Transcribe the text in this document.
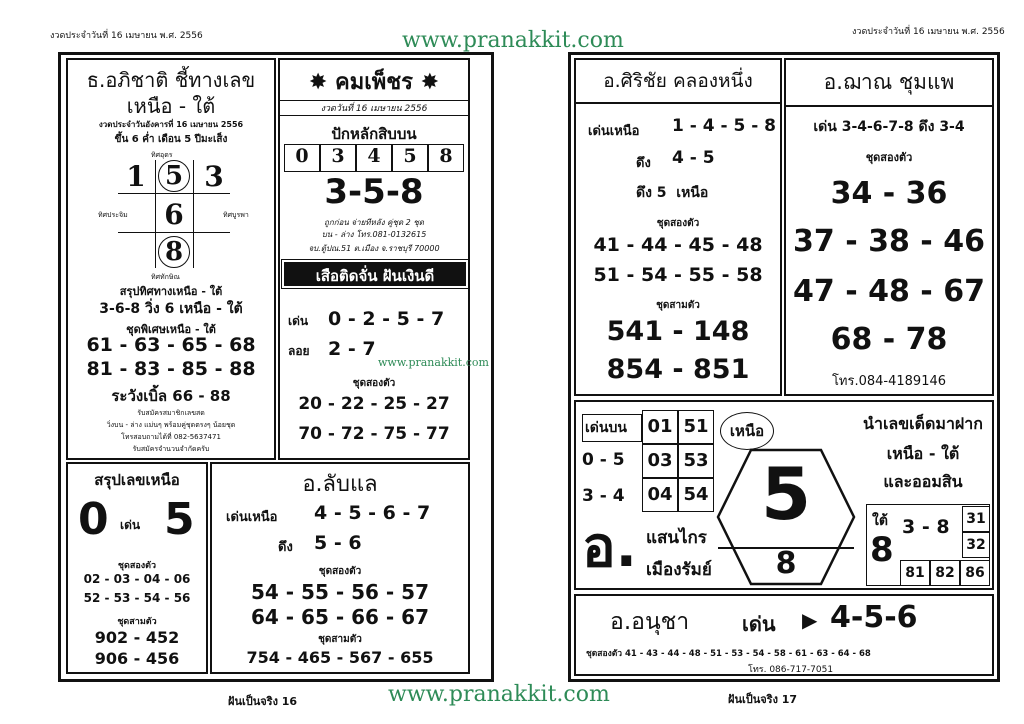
งวดประจำวันที่ 16 เมษายน พ.ศ. 2556	งวดประจำวันที่ 16 เมษายน พ.ศ. 2556
www.pranakkit.com
ธ.อภิชาติ ชี้ทางเลข
เหนือ - ใต้
งวดประจำวันอังคารที่ 16 เมษายน 2556
ขึ้น 6 ค่ำ เดือน 5 ปีมะเส็ง
ทิศอุดร
ทิศประจิม	ทิศบูรพา
ทิศทักษิณ
1 5 3
6
8
สรุปทิศทางเหนือ - ใต้
3-6-8 วิ่ง 6 เหนือ - ใต้
ชุดพิเศษเหนือ - ใต้
61 - 63 - 65 - 68
81 - 83 - 85 - 88
ระวังเบิ้ล 66 - 88
รับสมัครสมาชิกเลขสด
วิ่งบน - ล่าง แม่นๆ พร้อมคู่ชุดตรงๆ น้อยชุด
โทรสอบถามได้ที่ 082-5637471
รับสมัครจำนวนจำกัดครับ
✸ คมเพ็ชร ✸
งวดวันที่ 16 เมษายน 2556
ปักหลักสิบบน
0	3	4	5	8
3-5-8
ถูกก่อน จ่ายทีหลัง คู่ชุด 2 ชุด
บน - ล่าง โทร.081-0132615
จบ.ตู้ปณ.51 ต.เมือง จ.ราชบุรี 70000
เสือติดจั่น ฝันเงินดี
เด่น 0 - 2 - 5 - 7
ลอย 2 - 7
ชุดสองตัว
20 - 22 - 25 - 27
70 - 72 - 75 - 77
www.pranakkit.com
สรุปเลขเหนือ
0 เด่น 5
ชุดสองตัว
02 - 03 - 04 - 06
52 - 53 - 54 - 56
ชุดสามตัว
902 - 452
906 - 456
อ.ลับแล
เด่นเหนือ 4 - 5 - 6 - 7
ดึง 5 - 6
ชุดสองตัว
54 - 55 - 56 - 57
64 - 65 - 66 - 67
ชุดสามตัว
754 - 465 - 567 - 655
อ.ศิริชัย คลองหนึ่ง
เด่นเหนือ 1 - 4 - 5 - 8
ดึง 4 - 5
ดึง 5  เหนือ
ชุดสองตัว
41 - 44 - 45 - 48
51 - 54 - 55 - 58
ชุดสามตัว
541 - 148
854 - 851
อ.ฌาณ ชุมแพ
เด่น 3-4-6-7-8 ดึง 3-4
ชุดสองตัว
34 - 36
37 - 38 - 46
47 - 48 - 67
68 - 78
โทร.084-4189146
เด่นบน
0 - 5
3 - 4
01 51
03 53
04 54
เหนือ
5
8
อ. แสนไกร
เมืองรัมย์
นำเลขเด็ดมาฝาก
เหนือ - ใต้
และออมสิน
ใต้
8
3 - 8	31
32
81 82 86
อ.อนุชา	เด่น ▶ 4-5-6
ชุดสองตัว 41 - 43 - 44 - 48 - 51 - 53 - 54 - 58 - 61 - 63 - 64 - 68
โทร. 086-717-7051
ฝันเป็นจริง 16	www.pranakkit.com	ฝันเป็นจริง 17
